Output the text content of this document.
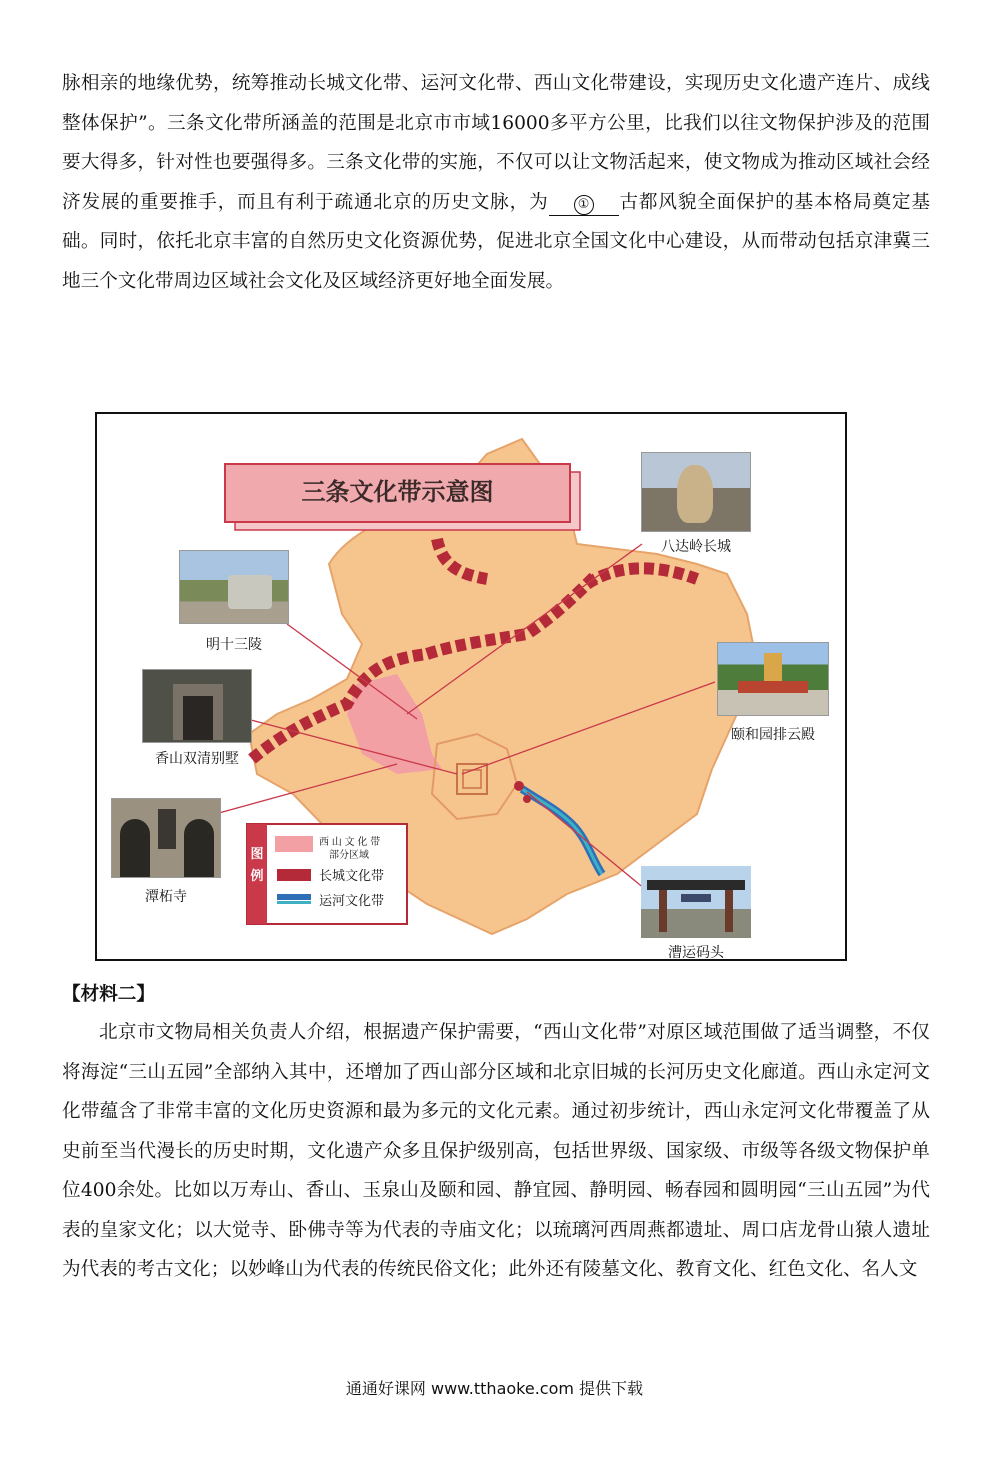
脉相亲的地缘优势，统筹推动长城文化带、运河文化带、西山文化带建设，实现历史文化遗产连片、成线整体保护”。三条文化带所涵盖的范围是北京市市域16000多平方公里，比我们以往文物保护涉及的范围要大得多，针对性也要强得多。三条文化带的实施，不仅可以让文物活起来，使文物成为推动区域社会经济发展的重要推手，而且有利于疏通北京的历史文脉，为 ① 古都风貌全面保护的基本格局奠定基础。同时，依托北京丰富的自然历史文化资源优势，促进北京全国文化中心建设，从而带动包括京津冀三地三个文化带周边区域社会文化及区域经济更好地全面发展。

三条文化带示意图
图例
西 山 文 化 带
部分区域
长城文化带
运河文化带
八达岭长城
明十三陵
香山双清别墅
潭柘寺
颐和园排云殿
漕运码头
【材料二】

北京市文物局相关负责人介绍，根据遗产保护需要，“西山文化带”对原区域范围做了适当调整，不仅将海淀“三山五园”全部纳入其中，还增加了西山部分区域和北京旧城的长河历史文化廊道。西山永定河文化带蕴含了非常丰富的文化历史资源和最为多元的文化元素。通过初步统计，西山永定河文化带覆盖了从史前至当代漫长的历史时期，文化遗产众多且保护级别高，包括世界级、国家级、市级等各级文物保护单位400余处。比如以万寿山、香山、玉泉山及颐和园、静宜园、静明园、畅春园和圆明园“三山五园”为代表的皇家文化；以大觉寺、卧佛寺等为代表的寺庙文化；以琉璃河西周燕都遗址、周口店龙骨山猿人遗址为代表的考古文化；以妙峰山为代表的传统民俗文化；此外还有陵墓文化、教育文化、红色文化、名人文

通通好课网 www.tthaoke.com 提供下载
